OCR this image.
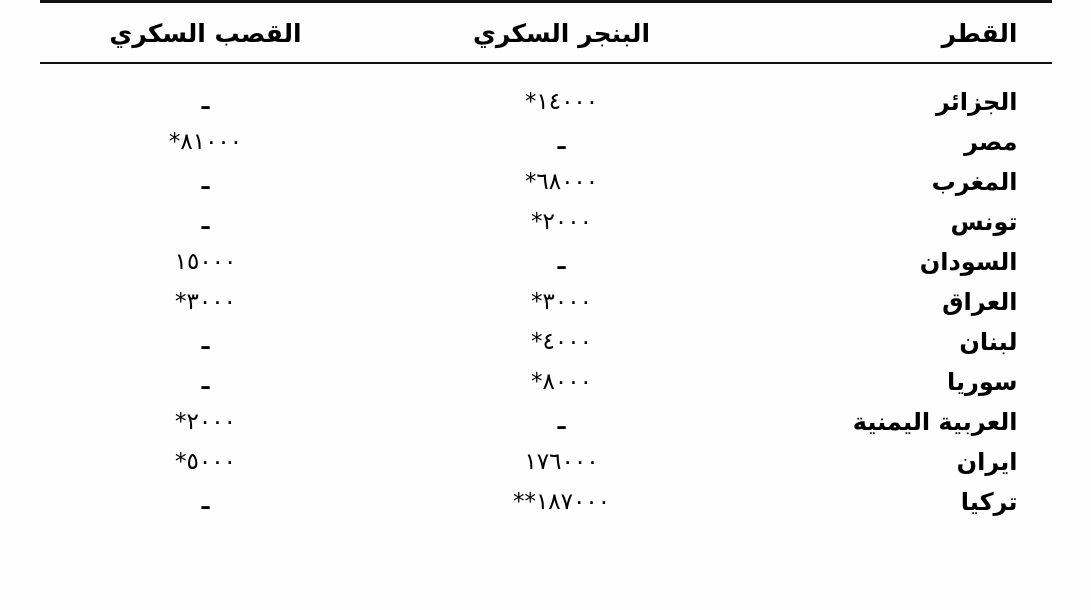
القطر	البنجر السكري	القصب السكري

الجزائر	١٤٠٠٠*	ـ
مصر	ـ	٨١٠٠٠*
المغرب	٦٨٠٠٠*	ـ
تونس	٢٠٠٠*	ـ
السودان	ـ	١٥٠٠٠
العراق	٣٠٠٠*	٣٠٠٠*
لبنان	٤٠٠٠*	ـ
سوريا	٨٠٠٠*	ـ
العربية اليمنية	ـ	٢٠٠٠*
ايران	١٧٦٠٠٠	٥٠٠٠*
تركيا	١٨٧٠٠٠**	ـ
